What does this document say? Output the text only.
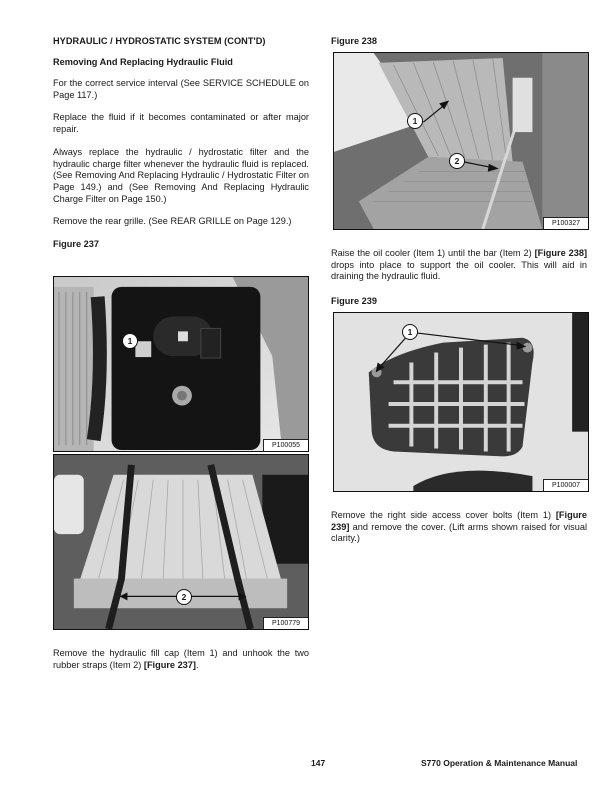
HYDRAULIC / HYDROSTATIC SYSTEM (CONT'D)
Removing And Replacing Hydraulic Fluid

For the correct service interval (See SERVICE SCHEDULE on Page 117.)

Replace the fluid if it becomes contaminated or after major repair.

Always replace the hydraulic / hydrostatic filter and the hydraulic charge filter whenever the hydraulic fluid is replaced. (See Removing And Replacing Hydraulic / Hydrostatic Filter on Page 149.) and (See Removing And Replacing Hydraulic Charge Filter on Page 150.)

Remove the rear grille. (See REAR GRILLE on Page 129.)

Figure 237
1
P100055
2
P100779

Remove the hydraulic fill cap (Item 1) and unhook the two rubber straps (Item 2) [Figure 237].

Figure 238
1
2
P100327

Raise the oil cooler (Item 1) until the bar (Item 2) [Figure 238] drops into place to support the oil cooler. This will aid in draining the hydraulic fluid.

Figure 239
1
P100007

Remove the right side access cover bolts (Item 1) [Figure 239] and remove the cover. (Lift arms shown raised for visual clarity.)

147	S770 Operation & Maintenance Manual
